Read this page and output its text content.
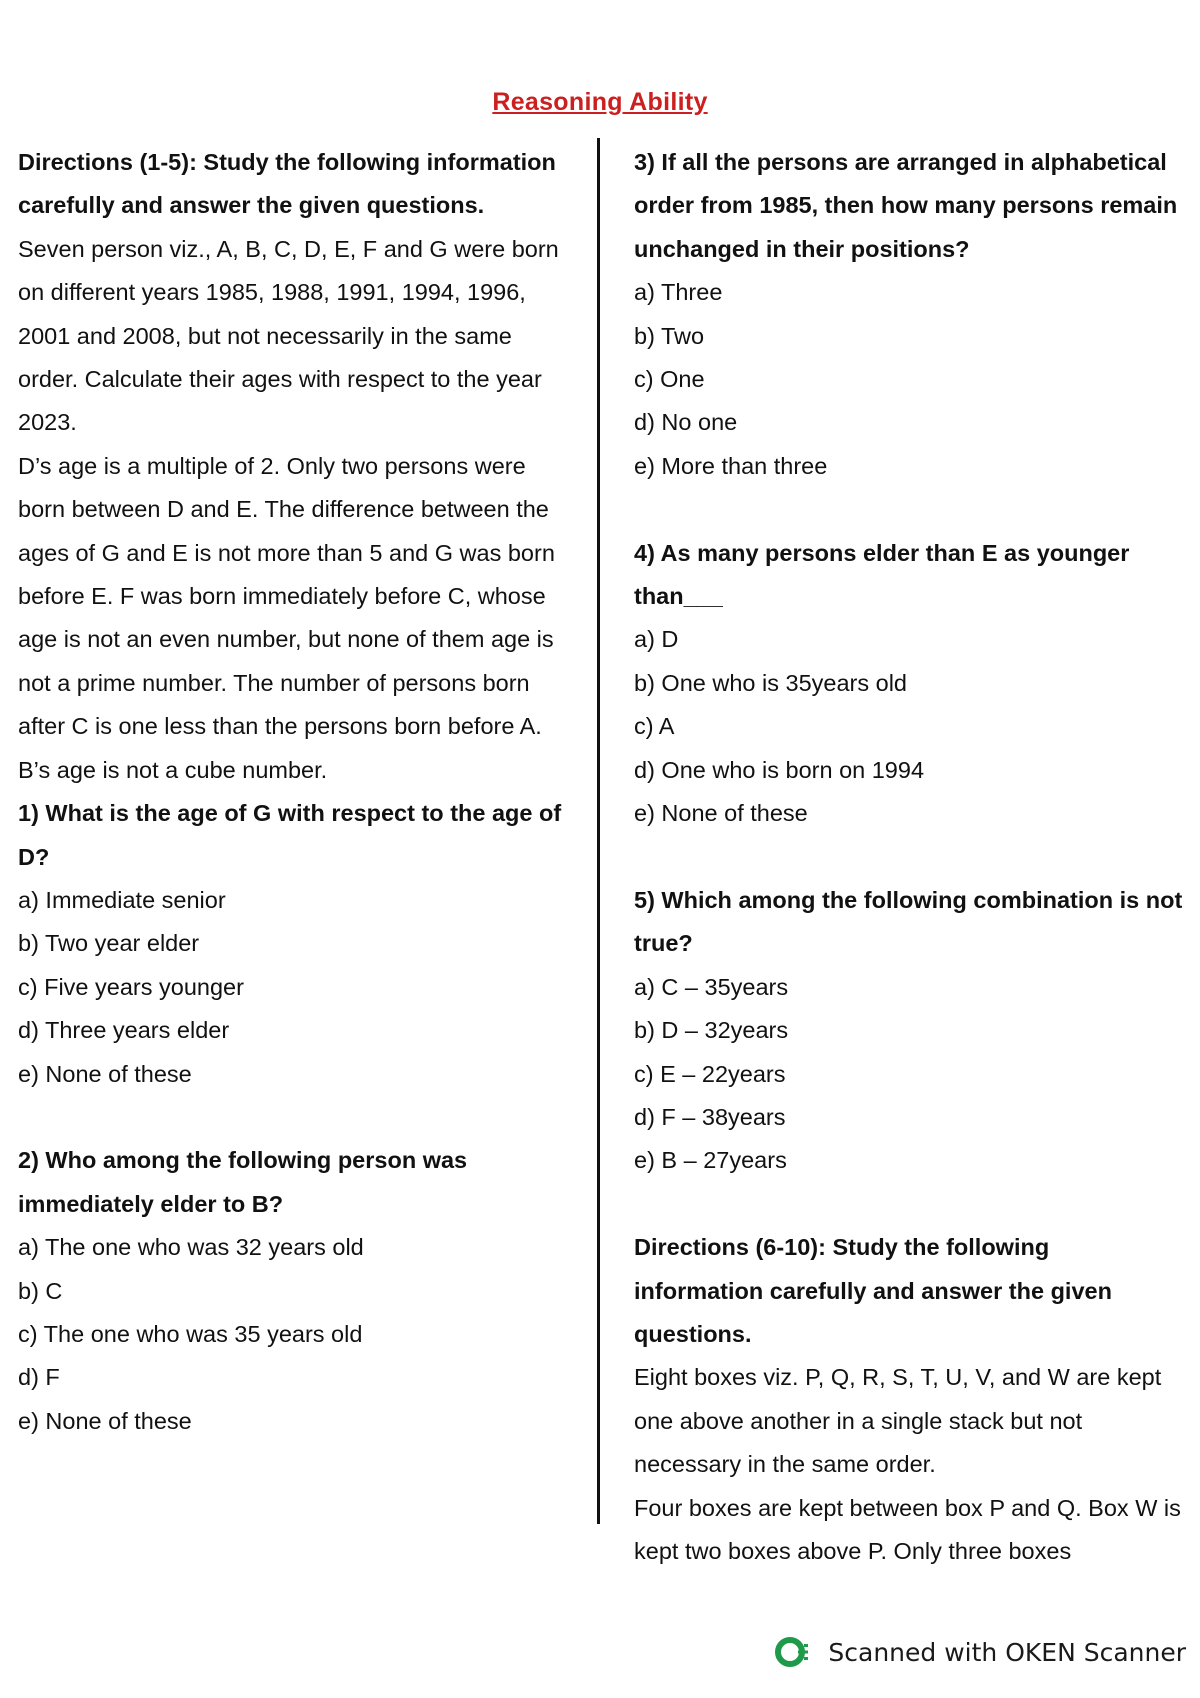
Reasoning Ability

Directions (1-5): Study the following information carefully and answer the given questions.

Seven person viz., A, B, C, D, E, F and G were born on different years 1985, 1988, 1991, 1994, 1996, 2001 and 2008, but not necessarily in the same order. Calculate their ages with respect to the year 2023.

D’s age is a multiple of 2. Only two persons were born between D and E. The difference between the ages of G and E is not more than 5 and G was born before E. F was born immediately before C, whose age is not an even number, but none of them age is not a prime number. The number of persons born after C is one less than the persons born before A. B’s age is not a cube number.

1) What is the age of G with respect to the age of D?

a) Immediate senior

b) Two year elder

c) Five years younger

d) Three years elder

e) None of these

2) Who among the following person was immediately elder to B?

a) The one who was 32 years old

b) C

c) The one who was 35 years old

d) F

e) None of these

3) If all the persons are arranged in alphabetical order from 1985, then how many persons remain unchanged in their positions?

a) Three

b) Two

c) One

d) No one

e) More than three

4) As many persons elder than E as younger than___

a) D

b) One who is 35years old

c) A

d) One who is born on 1994

e) None of these

5) Which among the following combination is not true?

a) C – 35years

b) D – 32years

c) E – 22years

d) F – 38years

e) B – 27years

Directions (6-10): Study the following information carefully and answer the given questions.

Eight boxes viz. P, Q, R, S, T, U, V, and W are kept one above another in a single stack but not necessary in the same order.

Four boxes are kept between box P and Q. Box W is kept two boxes above P. Only three boxes

Scanned with OKEN Scanner
